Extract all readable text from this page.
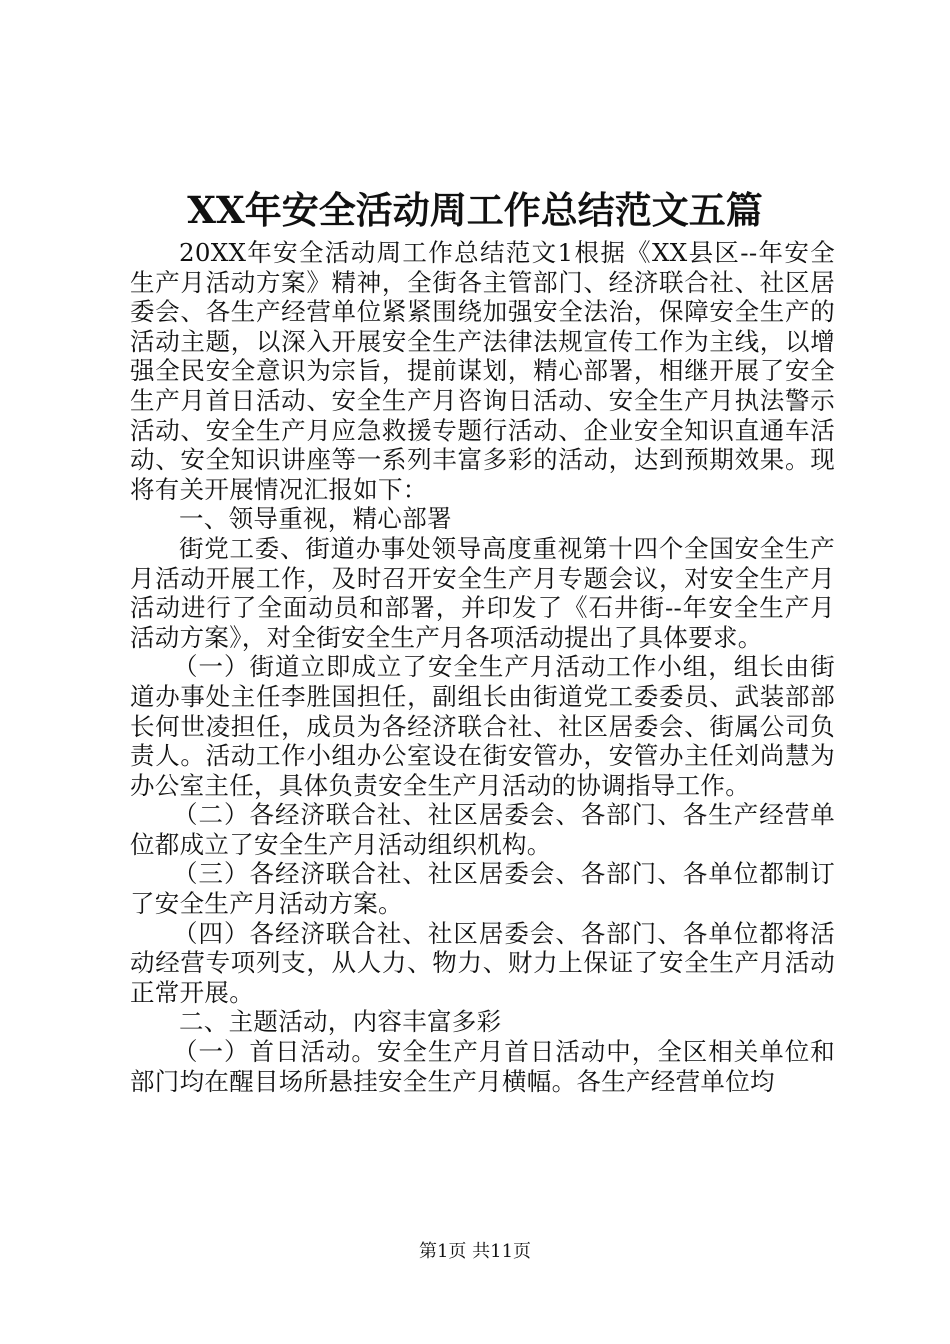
XX年安全活动周工作总结范文五篇

20XX年安全活动周工作总结范文1根据《XX县区--年安全生产月活动方案》精神，全街各主管部门、经济联合社、社区居委会、各生产经营单位紧紧围绕加强安全法治，保障安全生产的活动主题，以深入开展安全生产法律法规宣传工作为主线，以增强全民安全意识为宗旨，提前谋划，精心部署，相继开展了安全生产月首日活动、安全生产月咨询日活动、安全生产月执法警示活动、安全生产月应急救援专题行活动、企业安全知识直通车活动、安全知识讲座等一系列丰富多彩的活动，达到预期效果。现将有关开展情况汇报如下：

一、领导重视，精心部署

街党工委、街道办事处领导高度重视第十四个全国安全生产月活动开展工作，及时召开安全生产月专题会议，对安全生产月活动进行了全面动员和部署，并印发了《石井街--年安全生产月活动方案》，对全街安全生产月各项活动提出了具体要求。

（一）街道立即成立了安全生产月活动工作小组，组长由街道办事处主任李胜国担任，副组长由街道党工委委员、武装部部长何世凌担任，成员为各经济联合社、社区居委会、街属公司负责人。活动工作小组办公室设在街安管办，安管办主任刘尚慧为办公室主任，具体负责安全生产月活动的协调指导工作。

（二）各经济联合社、社区居委会、各部门、各生产经营单位都成立了安全生产月活动组织机构。

（三）各经济联合社、社区居委会、各部门、各单位都制订了安全生产月活动方案。

（四）各经济联合社、社区居委会、各部门、各单位都将活动经营专项列支，从人力、物力、财力上保证了安全生产月活动正常开展。

二、主题活动，内容丰富多彩

（一）首日活动。安全生产月首日活动中，全区相关单位和部门均在醒目场所悬挂安全生产月横幅。各生产经营单位均

第1页 共11页
